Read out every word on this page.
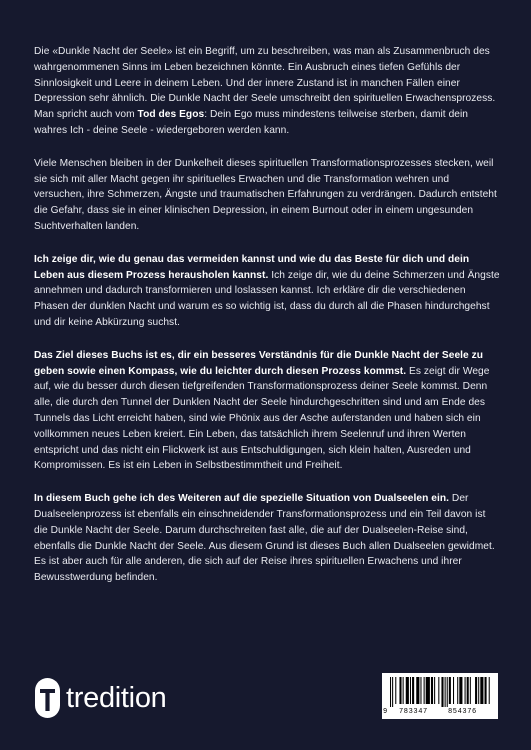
Die «Dunkle Nacht der Seele» ist ein Begriff, um zu beschreiben, was man als Zusammenbruch des wahrgenommenen Sinns im Leben bezeichnen könnte. Ein Ausbruch eines tiefen Gefühls der Sinnlosigkeit und Leere in deinem Leben. Und der innere Zustand ist in manchen Fällen einer Depression sehr ähnlich. Die Dunkle Nacht der Seele umschreibt den spirituellen Erwachensprozess. Man spricht auch vom Tod des Egos: Dein Ego muss mindestens teilweise sterben, damit dein wahres Ich - deine Seele - wiedergeboren werden kann.

Viele Menschen bleiben in der Dunkelheit dieses spirituellen Transformationsprozesses stecken, weil sie sich mit aller Macht gegen ihr spirituelles Erwachen und die Transformation wehren und versuchen, ihre Schmerzen, Ängste und traumatischen Erfahrungen zu verdrängen. Dadurch entsteht die Gefahr, dass sie in einer klinischen Depression, in einem Burnout oder in einem ungesunden Suchtverhalten landen.

Ich zeige dir, wie du genau das vermeiden kannst und wie du das Beste für dich und dein Leben aus diesem Prozess herausholen kannst. Ich zeige dir, wie du deine Schmerzen und Ängste annehmen und dadurch transformieren und loslassen kannst. Ich erkläre dir die verschiedenen Phasen der dunklen Nacht und warum es so wichtig ist, dass du durch all die Phasen hindurchgehst und dir keine Abkürzung suchst.

Das Ziel dieses Buchs ist es, dir ein besseres Verständnis für die Dunkle Nacht der Seele zu geben sowie einen Kompass, wie du leichter durch diesen Prozess kommst. Es zeigt dir Wege auf, wie du besser durch diesen tiefgreifenden Transformationsprozess deiner Seele kommst. Denn alle, die durch den Tunnel der Dunklen Nacht der Seele hindurchgeschritten sind und am Ende des Tunnels das Licht erreicht haben, sind wie Phönix aus der Asche auferstanden und haben sich ein vollkommen neues Leben kreiert. Ein Leben, das tatsächlich ihrem Seelenruf und ihren Werten entspricht und das nicht ein Flickwerk ist aus Entschuldigungen, sich klein halten, Ausreden und Kompromissen. Es ist ein Leben in Selbstbestimmtheit und Freiheit.

In diesem Buch gehe ich des Weiteren auf die spezielle Situation von Dualseelen ein. Der Dualseelenprozess ist ebenfalls ein einschneidender Transformationsprozess und ein Teil davon ist die Dunkle Nacht der Seele. Darum durchschreiten fast alle, die auf der Dualseelen-Reise sind, ebenfalls die Dunkle Nacht der Seele. Aus diesem Grund ist dieses Buch allen Dualseelen gewidmet. Es ist aber auch für alle anderen, die sich auf der Reise ihres spirituellen Erwachens und ihrer Bewusstwerdung befinden.

tredition	9 783347	854376
